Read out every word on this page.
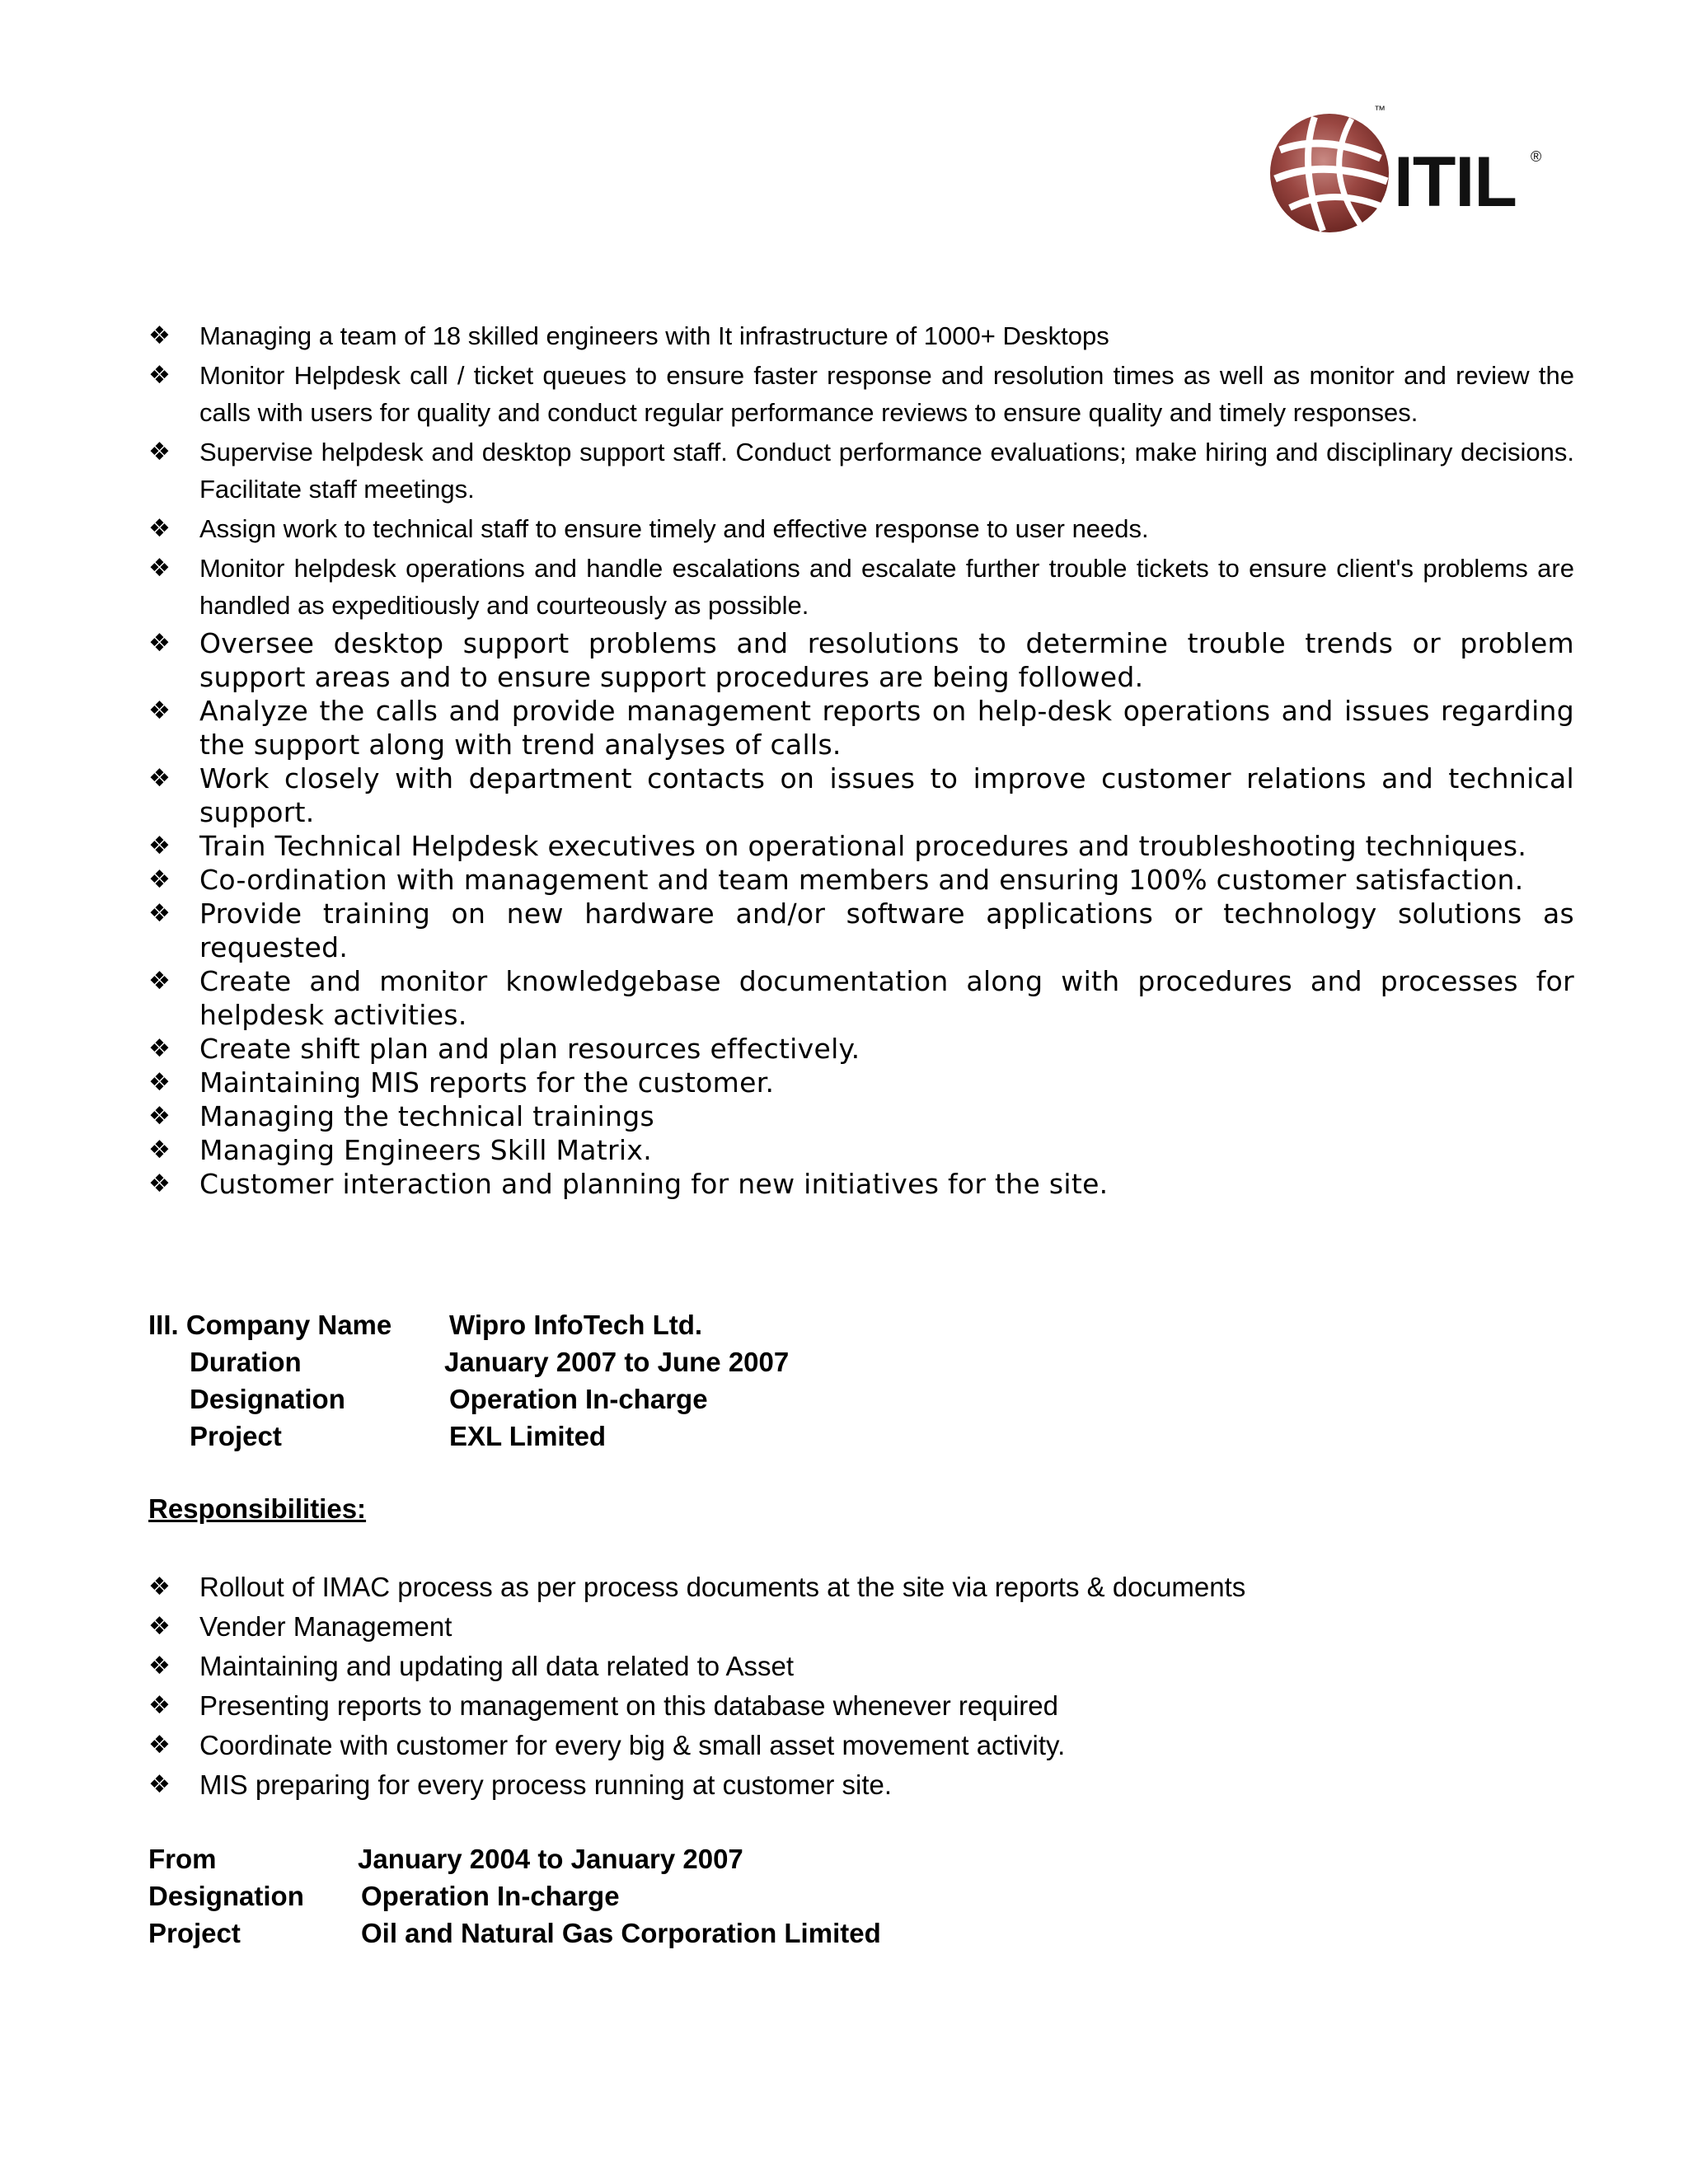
ITIL
™
®
❖ Managing a team of 18 skilled engineers with It infrastructure of 1000+ Desktops
❖ Monitor Helpdesk call / ticket queues to ensure faster response and resolution times as well as monitor and review the calls with users for quality and conduct regular performance reviews to ensure quality and timely responses.
❖ Supervise helpdesk and desktop support staff. Conduct performance evaluations; make hiring and disciplinary decisions. Facilitate staff meetings.
❖ Assign work to technical staff to ensure timely and effective response to user needs.
❖ Monitor helpdesk operations and handle escalations and escalate further trouble tickets to ensure client's problems are handled as expeditiously and courteously as possible.
❖ Oversee desktop support problems and resolutions to determine trouble trends or problem support areas and to ensure support procedures are being followed.
❖ Analyze the calls and provide management reports on help-desk operations and issues regarding the support along with trend analyses of calls.
❖ Work closely with department contacts on issues to improve customer relations and technical support.
❖ Train Technical Helpdesk executives on operational procedures and troubleshooting techniques.
❖ Co-ordination with management and team members and ensuring 100% customer satisfaction.
❖ Provide training on new hardware and/or software applications or technology solutions as requested.
❖ Create and monitor knowledgebase documentation along with procedures and processes for helpdesk activities.
❖ Create shift plan and plan resources effectively.
❖ Maintaining MIS reports for the customer.
❖ Managing the technical trainings
❖ Managing Engineers Skill Matrix.
❖ Customer interaction and planning for new initiatives for the site.
III. Company Name Wipro InfoTech Ltd.
Duration	January 2007 to June 2007
Designation	Operation In-charge
Project	EXL Limited
Responsibilities:
❖ Rollout of IMAC process as per process documents at the site via reports & documents
❖ Vender Management
❖ Maintaining and updating all data related to Asset
❖ Presenting reports to management on this database whenever required
❖ Coordinate with customer for every big & small asset movement activity.
❖ MIS preparing for every process running at customer site.
From	January 2004 to January 2007
Designation Operation In-charge
Project	Oil and Natural Gas Corporation Limited
